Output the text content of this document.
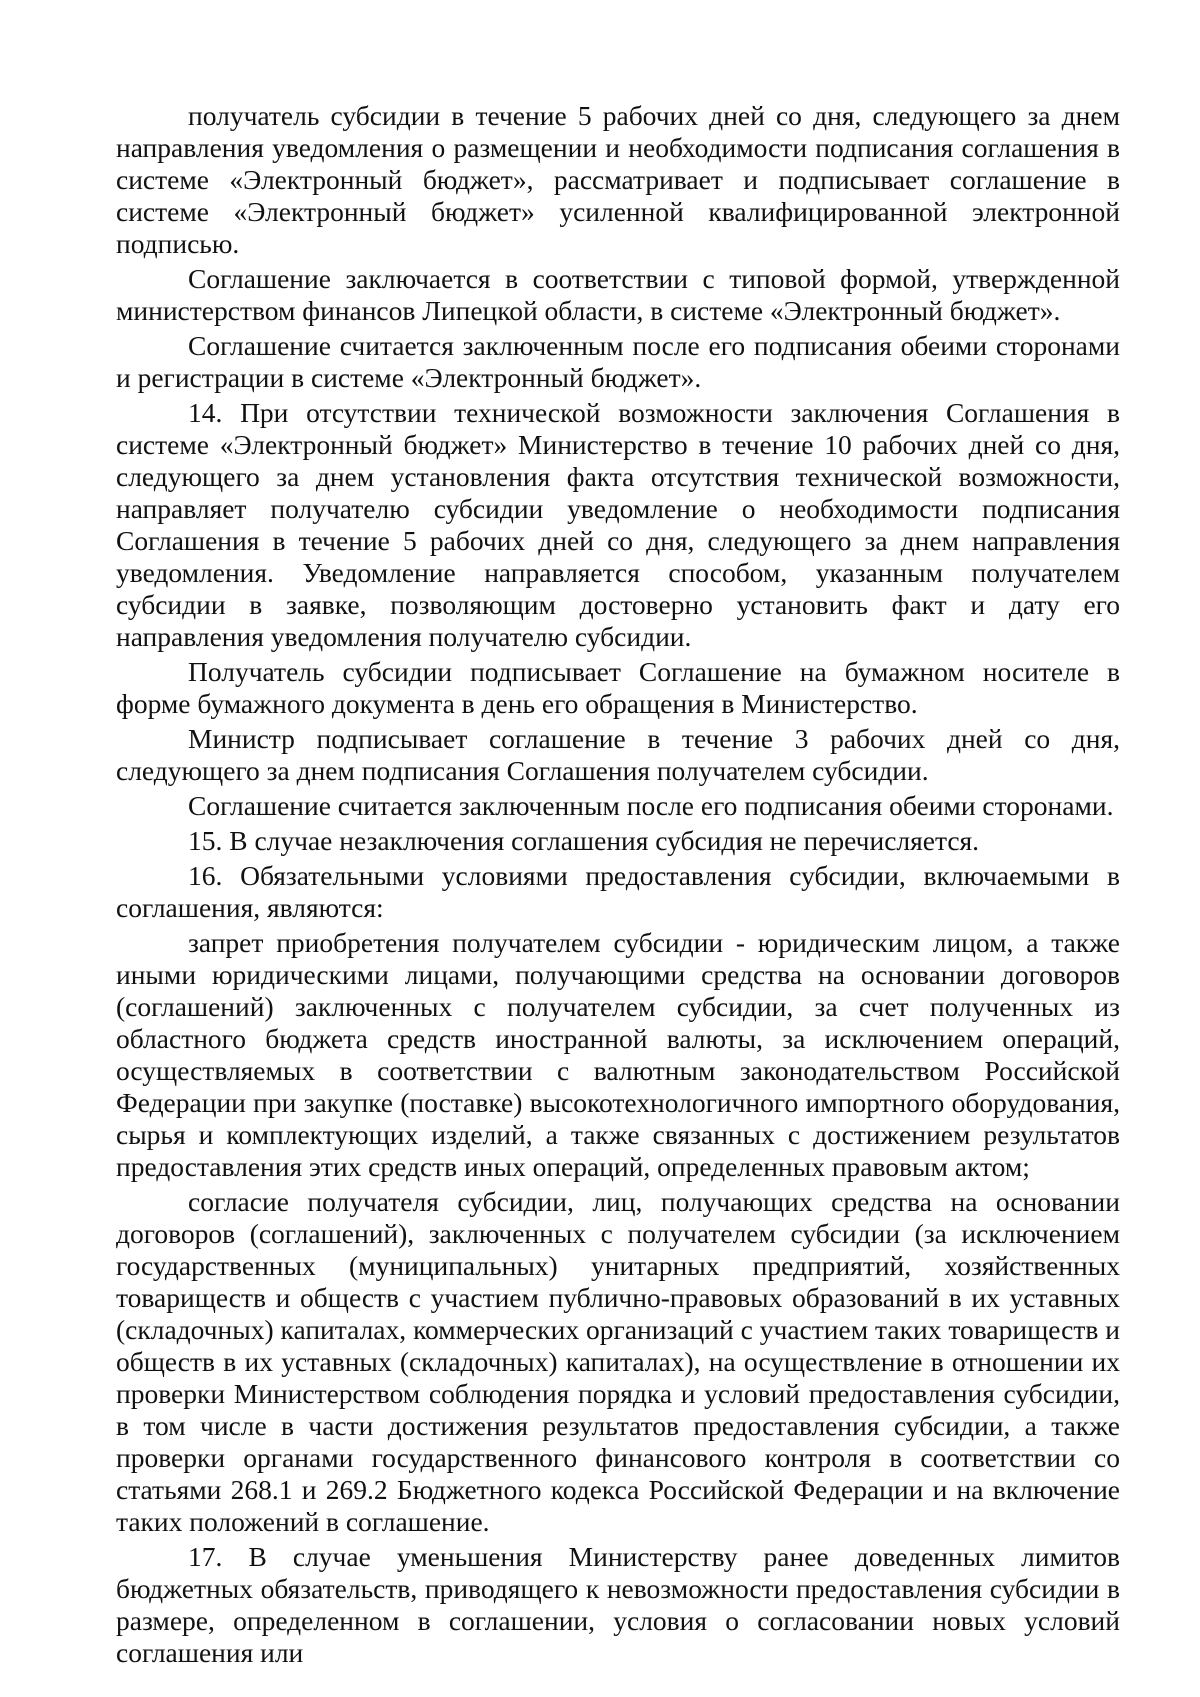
получатель субсидии в течение 5 рабочих дней со дня, следующего за днем направления уведомления о размещении и необходимости подписания соглашения в системе «Электронный бюджет», рассматривает и подписывает соглашение в системе «Электронный бюджет» усиленной квалифицированной электронной подписью.

Соглашение заключается в соответствии с типовой формой, утвержденной министерством финансов Липецкой области, в системе «Электронный бюджет».

Соглашение считается заключенным после его подписания обеими сторонами и регистрации в системе «Электронный бюджет».

14. При отсутствии технической возможности заключения Соглашения в системе «Электронный бюджет» Министерство в течение 10 рабочих дней со дня, следующего за днем установления факта отсутствия технической возможности, направляет получателю субсидии уведомление о необходимости подписания Соглашения в течение 5 рабочих дней со дня, следующего за днем направления уведомления. Уведомление направляется способом, указанным получателем субсидии в заявке, позволяющим достоверно установить факт и дату его направления уведомления получателю субсидии.

Получатель субсидии подписывает Соглашение на бумажном носителе в форме бумажного документа в день его обращения в Министерство.

Министр подписывает соглашение в течение 3 рабочих дней со дня, следующего за днем подписания Соглашения получателем субсидии.

Соглашение считается заключенным после его подписания обеими сторонами.

15. В случае незаключения соглашения субсидия не перечисляется.

16. Обязательными условиями предоставления субсидии, включаемыми в соглашения, являются:

запрет приобретения получателем субсидии - юридическим лицом, а также иными юридическими лицами, получающими средства на основании договоров (соглашений) заключенных с получателем субсидии, за счет полученных из областного бюджета средств иностранной валюты, за исключением операций, осуществляемых в соответствии с валютным законодательством Российской Федерации при закупке (поставке) высокотехнологичного импортного оборудования, сырья и комплектующих изделий, а также связанных с достижением результатов предоставления этих средств иных операций, определенных правовым актом;

согласие получателя субсидии, лиц, получающих средства на основании договоров (соглашений), заключенных с получателем субсидии (за исключением государственных (муниципальных) унитарных предприятий, хозяйственных товариществ и обществ с участием публично-правовых образований в их уставных (складочных) капиталах, коммерческих организаций с участием таких товариществ и обществ в их уставных (складочных) капиталах), на осуществление в отношении их проверки Министерством соблюдения порядка и условий предоставления субсидии, в том числе в части достижения результатов предоставления субсидии, а также проверки органами государственного финансового контроля в соответствии со статьями 268.1 и 269.2 Бюджетного кодекса Российской Федерации и на включение таких положений в соглашение.

17. В случае уменьшения Министерству ранее доведенных лимитов бюджетных обязательств, приводящего к невозможности предоставления субсидии в размере, определенном в соглашении, условия о согласовании новых условий соглашения или
